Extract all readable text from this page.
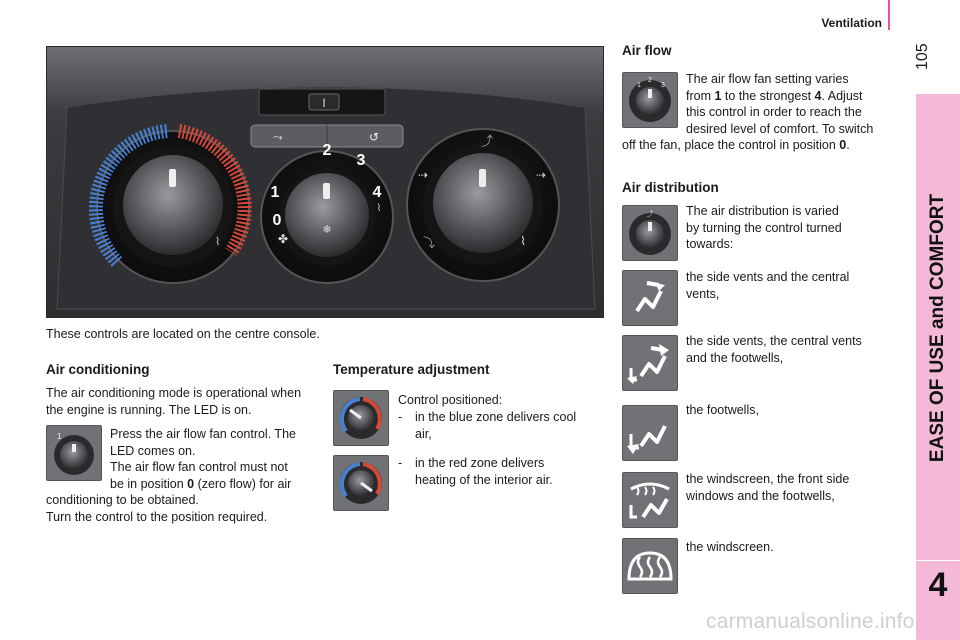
Ventilation
105
EASE OF USE and COMFORT
4
I
⤳	↺
⌇
❄
1
2
3
0
4
✤
⌇
⤴
⇢
⤵
⇢
⌇
These controls are located on the centre console.
Air conditioning
The air conditioning mode is operational when the engine is running. The LED is on.
1	Press the air flow fan control. The
LED comes on.
The air flow fan control must not
be in position 0 (zero flow) for air
conditioning to be obtained.
Turn the control to the position required.
Temperature adjustment
Control positioned:
- in the blue zone delivers cool
air,
- in the red zone delivers
heating of the interior air.
Air flow
1
2
3 The air flow fan setting varies
from 1 to the strongest 4. Adjust
this control in order to reach the
desired level of comfort. To switch
off the fan, place the control in position 0.
Air distribution
⤴	The air distribution is varied
by turning the control turned
towards:
the side vents and the central
vents,
the side vents, the central vents
and the footwells,
the footwells,
the windscreen, the front side
windows and the footwells,
the windscreen.
carmanualsonline.info
